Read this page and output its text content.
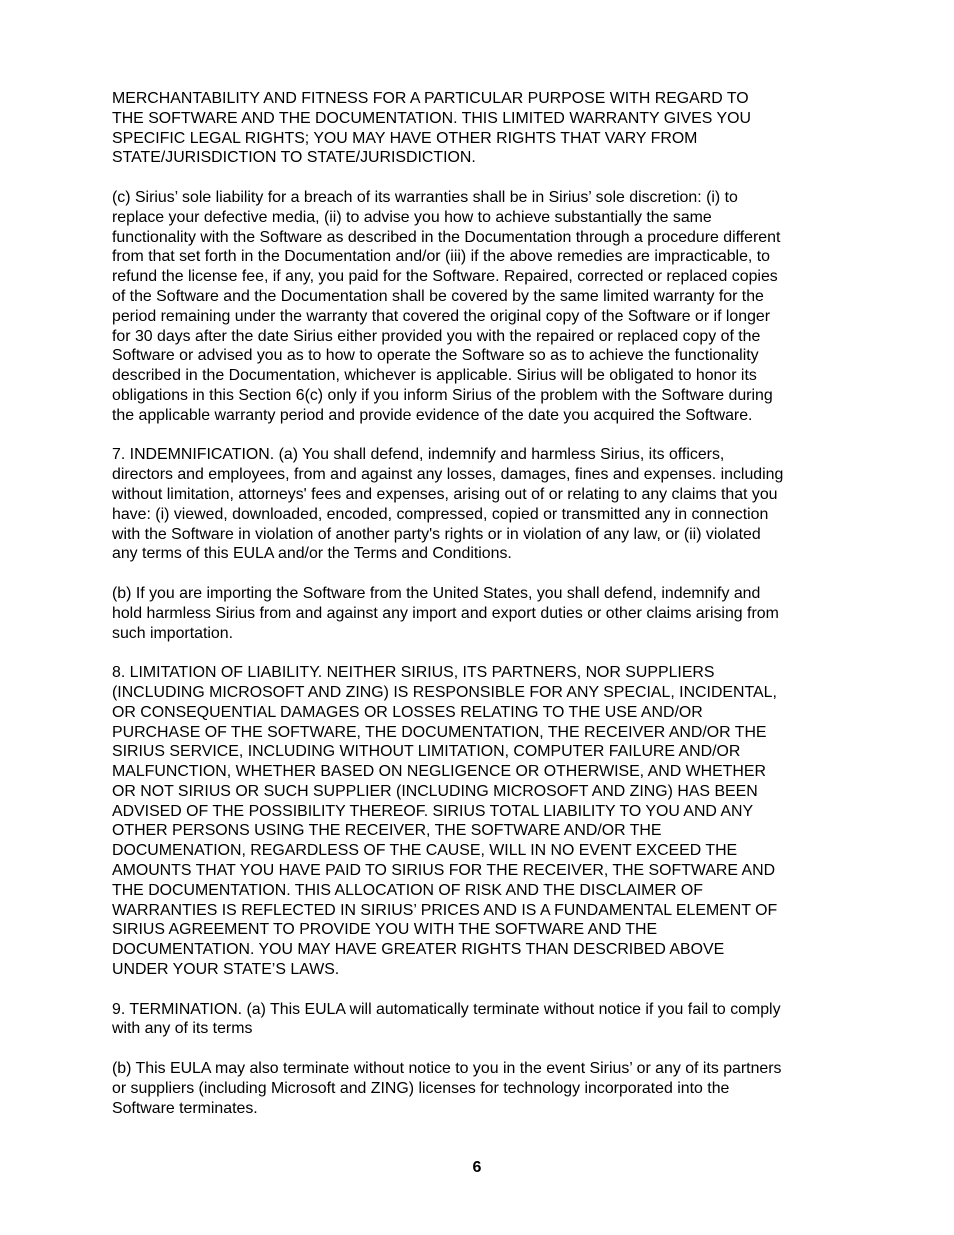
MERCHANTABILITY AND FITNESS FOR A PARTICULAR PURPOSE WITH REGARD TO
THE SOFTWARE AND THE DOCUMENTATION. THIS LIMITED WARRANTY GIVES YOU
SPECIFIC LEGAL RIGHTS; YOU MAY HAVE OTHER RIGHTS THAT VARY FROM
STATE/JURISDICTION TO STATE/JURISDICTION.

(c) Sirius’ sole liability for a breach of its warranties shall be in Sirius’ sole discretion: (i) to
replace your defective media, (ii) to advise you how to achieve substantially the same
functionality with the Software as described in the Documentation through a procedure different
from that set forth in the Documentation and/or (iii) if the above remedies are impracticable, to
refund the license fee, if any, you paid for the Software. Repaired, corrected or replaced copies
of the Software and the Documentation shall be covered by the same limited warranty for the
period remaining under the warranty that covered the original copy of the Software or if longer
for 30 days after the date Sirius either provided you with the repaired or replaced copy of the
Software or advised you as to how to operate the Software so as to achieve the functionality
described in the Documentation, whichever is applicable. Sirius will be obligated to honor its
obligations in this Section 6(c) only if you inform Sirius of the problem with the Software during
the applicable warranty period and provide evidence of the date you acquired the Software.

7. INDEMNIFICATION. (a) You shall defend, indemnify and harmless Sirius, its officers,
directors and employees, from and against any losses, damages, fines and expenses. including
without limitation, attorneys' fees and expenses, arising out of or relating to any claims that you
have: (i) viewed, downloaded, encoded, compressed, copied or transmitted any in connection
with the Software in violation of another party's rights or in violation of any law, or (ii) violated
any terms of this EULA and/or the Terms and Conditions.

(b) If you are importing the Software from the United States, you shall defend, indemnify and
hold harmless Sirius from and against any import and export duties or other claims arising from
such importation.

8. LIMITATION OF LIABILITY. NEITHER SIRIUS, ITS PARTNERS, NOR SUPPLIERS
(INCLUDING MICROSOFT AND ZING) IS RESPONSIBLE FOR ANY SPECIAL, INCIDENTAL,
OR CONSEQUENTIAL DAMAGES OR LOSSES RELATING TO THE USE AND/OR
PURCHASE OF THE SOFTWARE, THE DOCUMENTATION, THE RECEIVER AND/OR THE
SIRIUS SERVICE, INCLUDING WITHOUT LIMITATION, COMPUTER FAILURE AND/OR
MALFUNCTION, WHETHER BASED ON NEGLIGENCE OR OTHERWISE, AND WHETHER
OR NOT SIRIUS OR SUCH SUPPLIER (INCLUDING MICROSOFT AND ZING) HAS BEEN
ADVISED OF THE POSSIBILITY THEREOF. SIRIUS TOTAL LIABILITY TO YOU AND ANY
OTHER PERSONS USING THE RECEIVER, THE SOFTWARE AND/OR THE
DOCUMENATION, REGARDLESS OF THE CAUSE, WILL IN NO EVENT EXCEED THE
AMOUNTS THAT YOU HAVE PAID TO SIRIUS FOR THE RECEIVER, THE SOFTWARE AND
THE DOCUMENTATION. THIS ALLOCATION OF RISK AND THE DISCLAIMER OF
WARRANTIES IS REFLECTED IN SIRIUS’ PRICES AND IS A FUNDAMENTAL ELEMENT OF
SIRIUS AGREEMENT TO PROVIDE YOU WITH THE SOFTWARE AND THE
DOCUMENTATION. YOU MAY HAVE GREATER RIGHTS THAN DESCRIBED ABOVE
UNDER YOUR STATE’S LAWS.

9. TERMINATION. (a) This EULA will automatically terminate without notice if you fail to comply
with any of its terms

(b) This EULA may also terminate without notice to you in the event Sirius’ or any of its partners
or suppliers (including Microsoft and ZING) licenses for technology incorporated into the
Software terminates.

6
